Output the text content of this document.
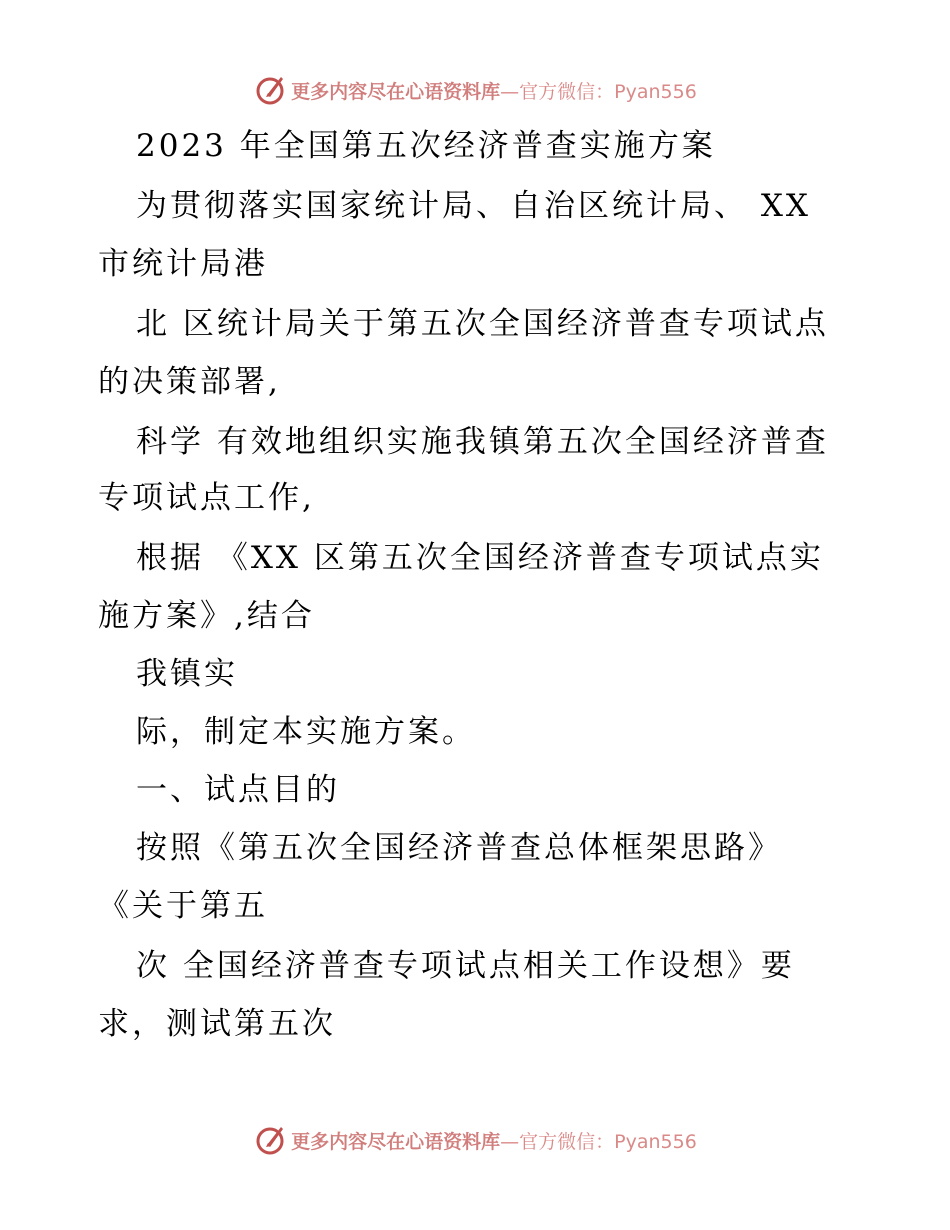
更多内容尽在心语资料库—官方微信：Pyan556
2023 年全国第五次经济普查实施方案
为贯彻落实国家统计局、自治区统计局、 XX
市统计局港
北 区统计局关于第五次全国经济普查专项试点
的决策部署,
科学 有效地组织实施我镇第五次全国经济普查
专项试点工作,
根据 《XX 区第五次全国经济普查专项试点实
施方案》,结合
我镇实
际，制定本实施方案。
一、试点目的
按照《第五次全国经济普查总体框架思路》
《关于第五
次 全国经济普查专项试点相关工作设想》要
求，测试第五次
更多内容尽在心语资料库—官方微信：Pyan556
